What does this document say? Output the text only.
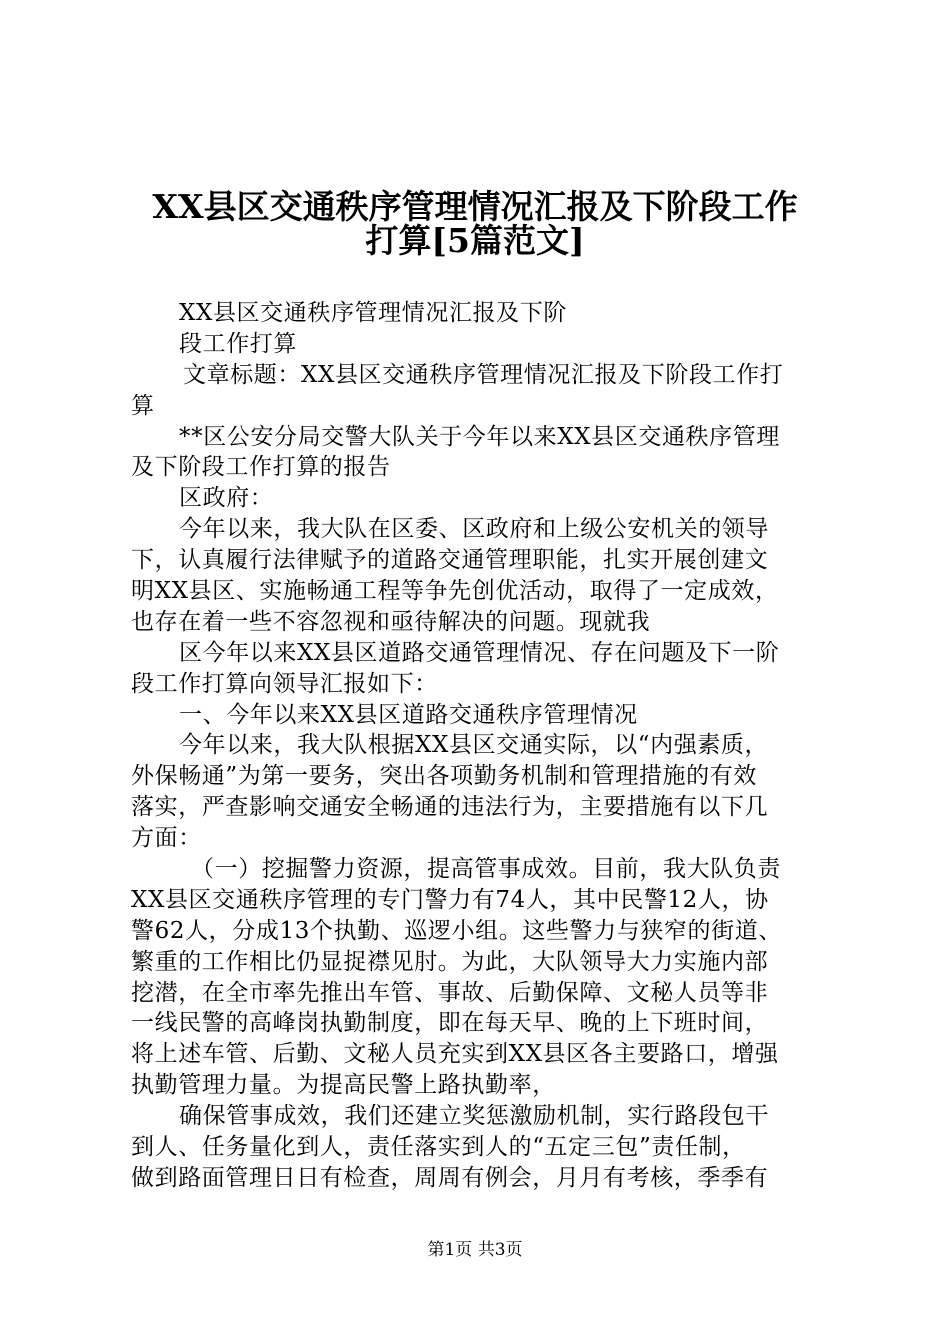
XX县区交通秩序管理情况汇报及下阶段工作
打算[5篇范文]
XX县区交通秩序管理情况汇报及下阶
段工作打算
文章标题：XX县区交通秩序管理情况汇报及下阶段工作打
算
**区公安分局交警大队关于今年以来XX县区交通秩序管理
及下阶段工作打算的报告
区政府：
今年以来，我大队在区委、区政府和上级公安机关的领导
下，认真履行法律赋予的道路交通管理职能，扎实开展创建文
明XX县区、实施畅通工程等争先创优活动，取得了一定成效，
也存在着一些不容忽视和亟待解决的问题。现就我
区今年以来XX县区道路交通管理情况、存在问题及下一阶
段工作打算向领导汇报如下：
一、今年以来XX县区道路交通秩序管理情况
今年以来，我大队根据XX县区交通实际，以“内强素质，
外保畅通”为第一要务，突出各项勤务机制和管理措施的有效
落实，严查影响交通安全畅通的违法行为，主要措施有以下几
方面：
（一）挖掘警力资源，提高管事成效。目前，我大队负责
XX县区交通秩序管理的专门警力有74人，其中民警12人，协
警62人，分成13个执勤、巡逻小组。这些警力与狭窄的街道、
繁重的工作相比仍显捉襟见肘。为此，大队领导大力实施内部
挖潜，在全市率先推出车管、事故、后勤保障、文秘人员等非
一线民警的高峰岗执勤制度，即在每天早、晚的上下班时间，
将上述车管、后勤、文秘人员充实到XX县区各主要路口，增强
执勤管理力量。为提高民警上路执勤率，
确保管事成效，我们还建立奖惩激励机制，实行路段包干
到人、任务量化到人，责任落实到人的“五定三包”责任制，
做到路面管理日日有检查，周周有例会，月月有考核，季季有
第1页 共3页
